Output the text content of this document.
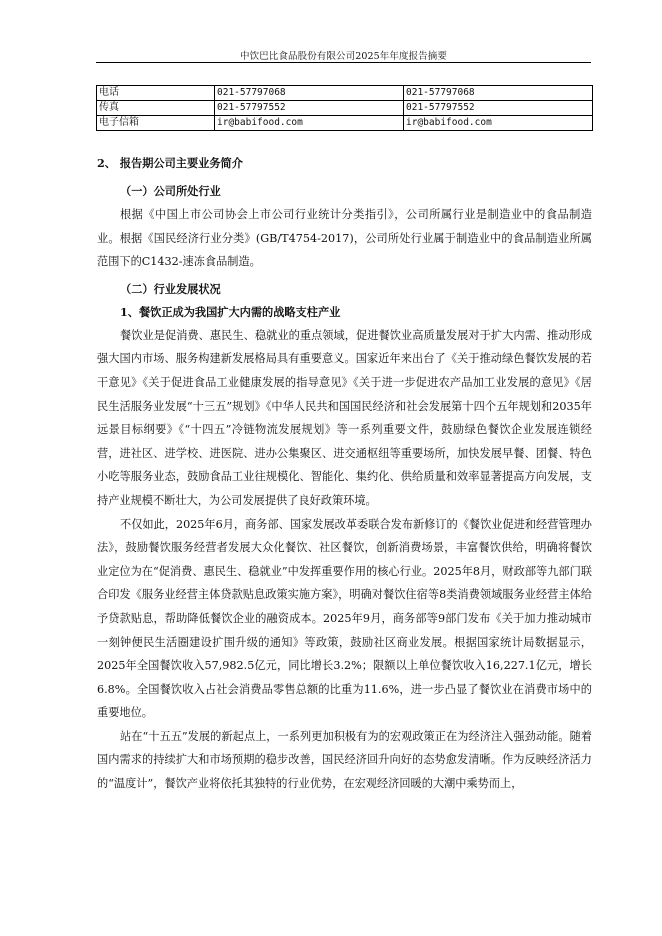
中饮巴比食品股份有限公司2025年年度报告摘要
电话	021-57797068	021-57797068
传真	021-57797552	021-57797552
电子信箱	ir@babifood.com	ir@babifood.com
2、 报告期公司主要业务简介
（一）公司所处行业

根据《中国上市公司协会上市公司行业统计分类指引》，公司所属行业是制造业中的食品制造业。根据《国民经济行业分类》(GB/T4754-2017)，公司所处行业属于制造业中的食品制造业所属范围下的C1432-速冻食品制造。

（二）行业发展状况
1、餐饮正成为我国扩大内需的战略支柱产业

餐饮业是促消费、惠民生、稳就业的重点领域，促进餐饮业高质量发展对于扩大内需、推动形成强大国内市场、服务构建新发展格局具有重要意义。国家近年来出台了《关于推动绿色餐饮发展的若干意见》《关于促进食品工业健康发展的指导意见》《关于进一步促进农产品加工业发展的意见》《居民生活服务业发展“十三五”规划》《中华人民共和国国民经济和社会发展第十四个五年规划和2035年远景目标纲要》《“十四五”冷链物流发展规划》等一系列重要文件，鼓励绿色餐饮企业发展连锁经营，进社区、进学校、进医院、进办公集聚区、进交通枢纽等重要场所，加快发展早餐、团餐、特色小吃等服务业态，鼓励食品工业往规模化、智能化、集约化、供给质量和效率显著提高方向发展，支持产业规模不断壮大，为公司发展提供了良好政策环境。

不仅如此，2025年6月，商务部、国家发展改革委联合发布新修订的《餐饮业促进和经营管理办法》，鼓励餐饮服务经营者发展大众化餐饮、社区餐饮，创新消费场景，丰富餐饮供给，明确将餐饮业定位为在“促消费、惠民生、稳就业”中发挥重要作用的核心行业。2025年8月，财政部等九部门联合印发《服务业经营主体贷款贴息政策实施方案》，明确对餐饮住宿等8类消费领域服务业经营主体给予贷款贴息，帮助降低餐饮企业的融资成本。2025年9月，商务部等9部门发布《关于加力推动城市一刻钟便民生活圈建设扩围升级的通知》等政策，鼓励社区商业发展。根据国家统计局数据显示，2025年全国餐饮收入57,982.5亿元，同比增长3.2%；限额以上单位餐饮收入16,227.1亿元，增长6.8%。全国餐饮收入占社会消费品零售总额的比重为11.6%，进一步凸显了餐饮业在消费市场中的重要地位。

站在“十五五”发展的新起点上，一系列更加积极有为的宏观政策正在为经济注入强劲动能。随着国内需求的持续扩大和市场预期的稳步改善，国民经济回升向好的态势愈发清晰。作为反映经济活力的“温度计”，餐饮产业将依托其独特的行业优势，在宏观经济回暖的大潮中乘势而上，
